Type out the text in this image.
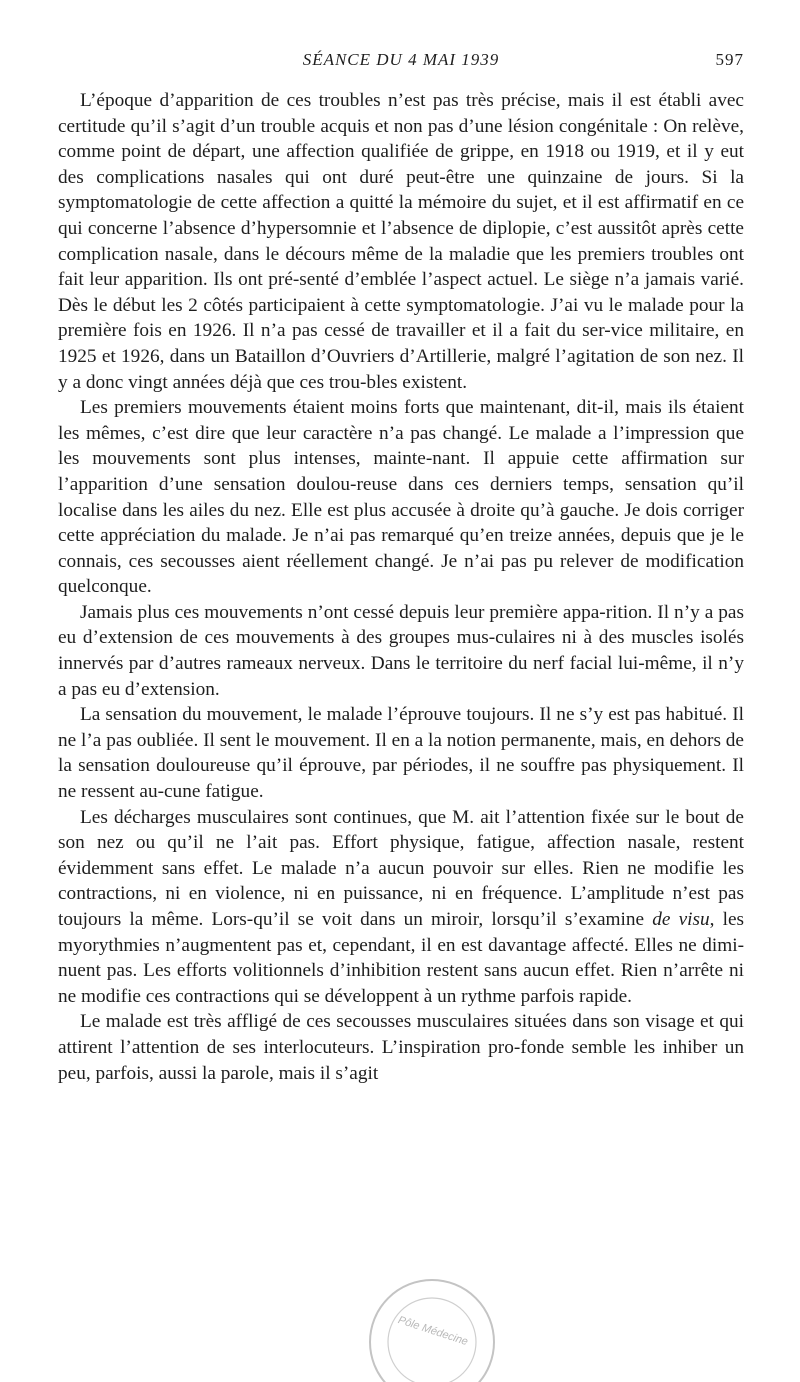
SÉANCE DU 4 MAI 1939	597

L’époque d’apparition de ces troubles n’est pas très précise, mais il est établi avec certitude qu’il s’agit d’un trouble acquis et non pas d’une lésion congénitale : On relève, comme point de départ, une affection qualifiée de grippe, en 1918 ou 1919, et il y eut des complications nasales qui ont duré peut-être une quinzaine de jours. Si la symptomatologie de cette affection a quitté la mémoire du sujet, et il est affirmatif en ce qui concerne l’absence d’hypersomnie et l’absence de diplopie, c’est aussitôt après cette complication nasale, dans le décours même de la maladie que les premiers troubles ont fait leur apparition. Ils ont pré-senté d’emblée l’aspect actuel. Le siège n’a jamais varié. Dès le début les 2 côtés participaient à cette symptomatologie. J’ai vu le malade pour la première fois en 1926. Il n’a pas cessé de travailler et il a fait du ser-vice militaire, en 1925 et 1926, dans un Bataillon d’Ouvriers d’Artillerie, malgré l’agitation de son nez. Il y a donc vingt années déjà que ces trou-bles existent.

Les premiers mouvements étaient moins forts que maintenant, dit-il, mais ils étaient les mêmes, c’est dire que leur caractère n’a pas changé. Le malade a l’impression que les mouvements sont plus intenses, mainte-nant. Il appuie cette affirmation sur l’apparition d’une sensation doulou-reuse dans ces derniers temps, sensation qu’il localise dans les ailes du nez. Elle est plus accusée à droite qu’à gauche. Je dois corriger cette appréciation du malade. Je n’ai pas remarqué qu’en treize années, depuis que je le connais, ces secousses aient réellement changé. Je n’ai pas pu relever de modification quelconque.

Jamais plus ces mouvements n’ont cessé depuis leur première appa-rition. Il n’y a pas eu d’extension de ces mouvements à des groupes mus-culaires ni à des muscles isolés innervés par d’autres rameaux nerveux. Dans le territoire du nerf facial lui-même, il n’y a pas eu d’extension.

La sensation du mouvement, le malade l’éprouve toujours. Il ne s’y est pas habitué. Il ne l’a pas oubliée. Il sent le mouvement. Il en a la notion permanente, mais, en dehors de la sensation douloureuse qu’il éprouve, par périodes, il ne souffre pas physiquement. Il ne ressent au-cune fatigue.

Les décharges musculaires sont continues, que M. ait l’attention fixée sur le bout de son nez ou qu’il ne l’ait pas. Effort physique, fatigue, affection nasale, restent évidemment sans effet. Le malade n’a aucun pouvoir sur elles. Rien ne modifie les contractions, ni en violence, ni en puissance, ni en fréquence. L’amplitude n’est pas toujours la même. Lors-qu’il se voit dans un miroir, lorsqu’il s’examine de visu, les myorythmies n’augmentent pas et, cependant, il en est davantage affecté. Elles ne dimi-nuent pas. Les efforts volitionnels d’inhibition restent sans aucun effet. Rien n’arrête ni ne modifie ces contractions qui se développent à un rythme parfois rapide.

Le malade est très affligé de ces secousses musculaires situées dans son visage et qui attirent l’attention de ses interlocuteurs. L’inspiration pro-fonde semble les inhiber un peu, parfois, aussi la parole, mais il s’agit

Pôle Médecine
